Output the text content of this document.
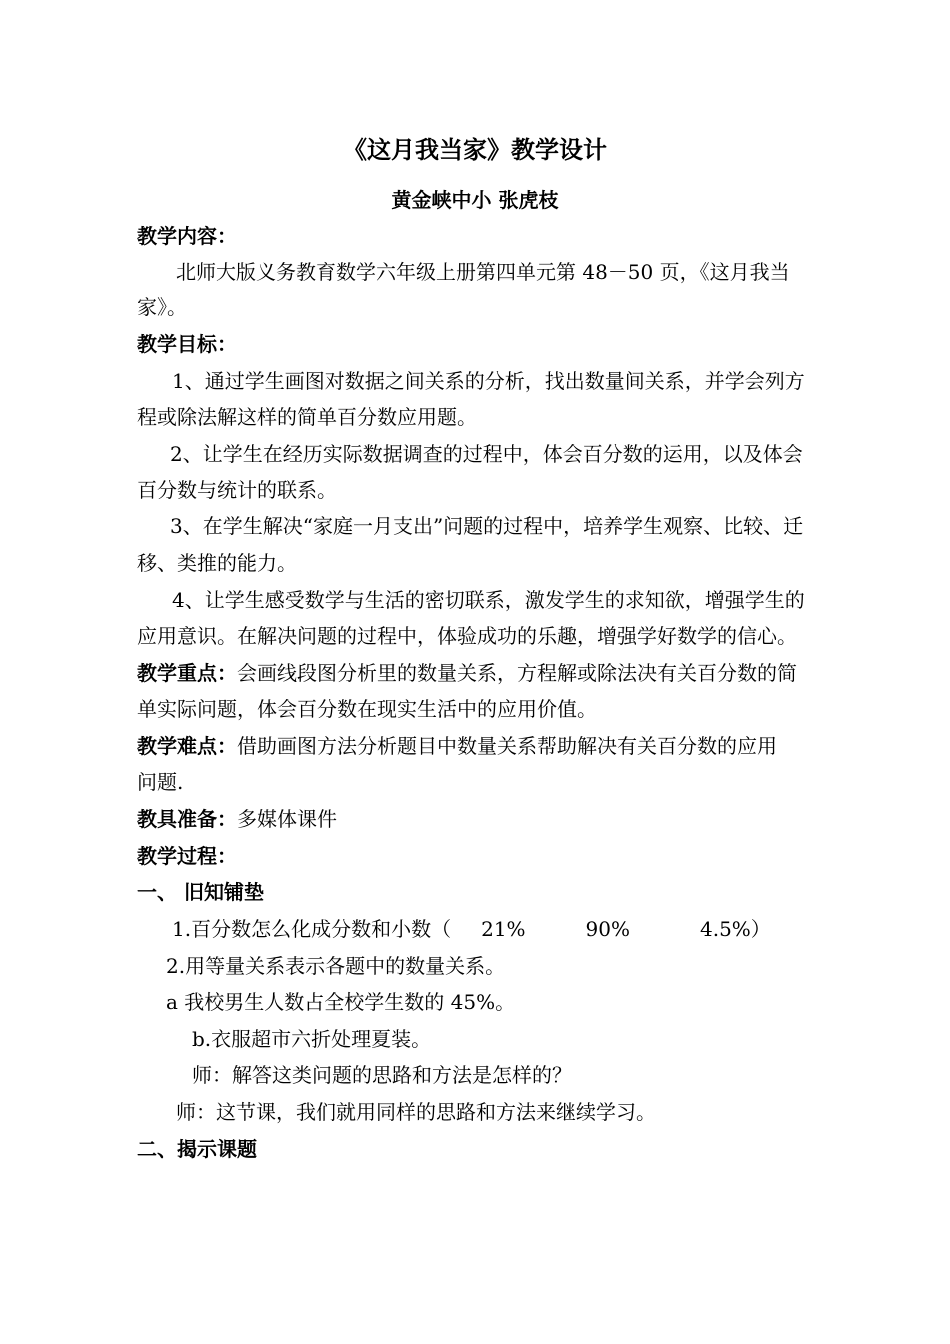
《这月我当家》教学设计
黄金峡中小 张虎枝
教学内容：
北师大版义务教育数学六年级上册第四单元第 48－50 页，《这月我当
家》。
教学目标：
1、通过学生画图对数据之间关系的分析，找出数量间关系，并学会列方
程或除法解这样的简单百分数应用题。
2、让学生在经历实际数据调查的过程中，体会百分数的运用，以及体会
百分数与统计的联系。
3、在学生解决“家庭一月支出”问题的过程中，培养学生观察、比较、迁
移、类推的能力。
4、让学生感受数学与生活的密切联系，激发学生的求知欲，增强学生的
应用意识。在解决问题的过程中，体验成功的乐趣，增强学好数学的信心。
教学重点：会画线段图分析里的数量关系，方程解或除法决有关百分数的简
单实际问题，体会百分数在现实生活中的应用价值。
教学难点：借助画图方法分析题目中数量关系帮助解决有关百分数的应用
问题.
教具准备：多媒体课件
教学过程：
一、 旧知铺垫
1.百分数怎么化成分数和小数（ 21%	90%	4.5%）
2.用等量关系表示各题中的数量关系。
a 我校男生人数占全校学生数的 45%。
b.衣服超市六折处理夏装。
师：解答这类问题的思路和方法是怎样的？
师：这节课，我们就用同样的思路和方法来继续学习。
二、揭示课题
